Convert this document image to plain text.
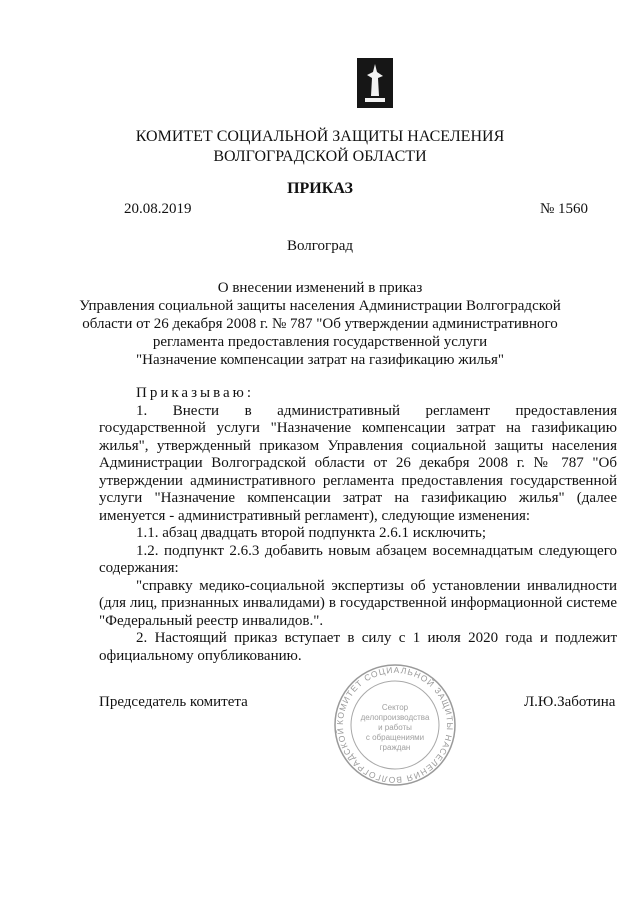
КОМИТЕТ СОЦИАЛЬНОЙ ЗАЩИТЫ НАСЕЛЕНИЯ
ВОЛГОГРАДСКОЙ ОБЛАСТИ
ПРИКАЗ
20.08.2019	№ 1560
Волгоград
О внесении изменений в приказ
Управления социальной защиты населения Администрации Волгоградской
области от 26 декабря 2008 г. № 787 "Об утверждении административного
регламента предоставления государственной услуги
"Назначение компенсации затрат на газификацию жилья"

Приказываю:

1. Внести в административный регламент предоставления государственной услуги "Назначение компенсации затрат на газификацию жилья", утвержденный приказом Управления социальной защиты населения Администрации Волгоградской области от 26 декабря 2008 г. № 787 "Об утверждении административного регламента предоставления государственной услуги "Назначение компенсации затрат на газификацию жилья" (далее именуется - административный регламент), следующие изменения:

1.1. абзац двадцать второй подпункта 2.6.1 исключить;

1.2. подпункт 2.6.3 добавить новым абзацем восемнадцатым следующего содержания:

"справку медико-социальной экспертизы об установлении инвалидности (для лиц, признанных инвалидами) в государственной информационной системе "Федеральный реестр инвалидов.".

2. Настоящий приказ вступает в силу с 1 июля 2020 года и подлежит официальному опубликованию.

Председатель комитета	Л.Ю.Заботина
КОМИТЕТ СОЦИАЛЬНОЙ ЗАЩИТЫ НАСЕЛЕНИЯ ВОЛГОГРАДСКОЙ
Сектор
делопроизводства
и работы
с обращениями
граждан
